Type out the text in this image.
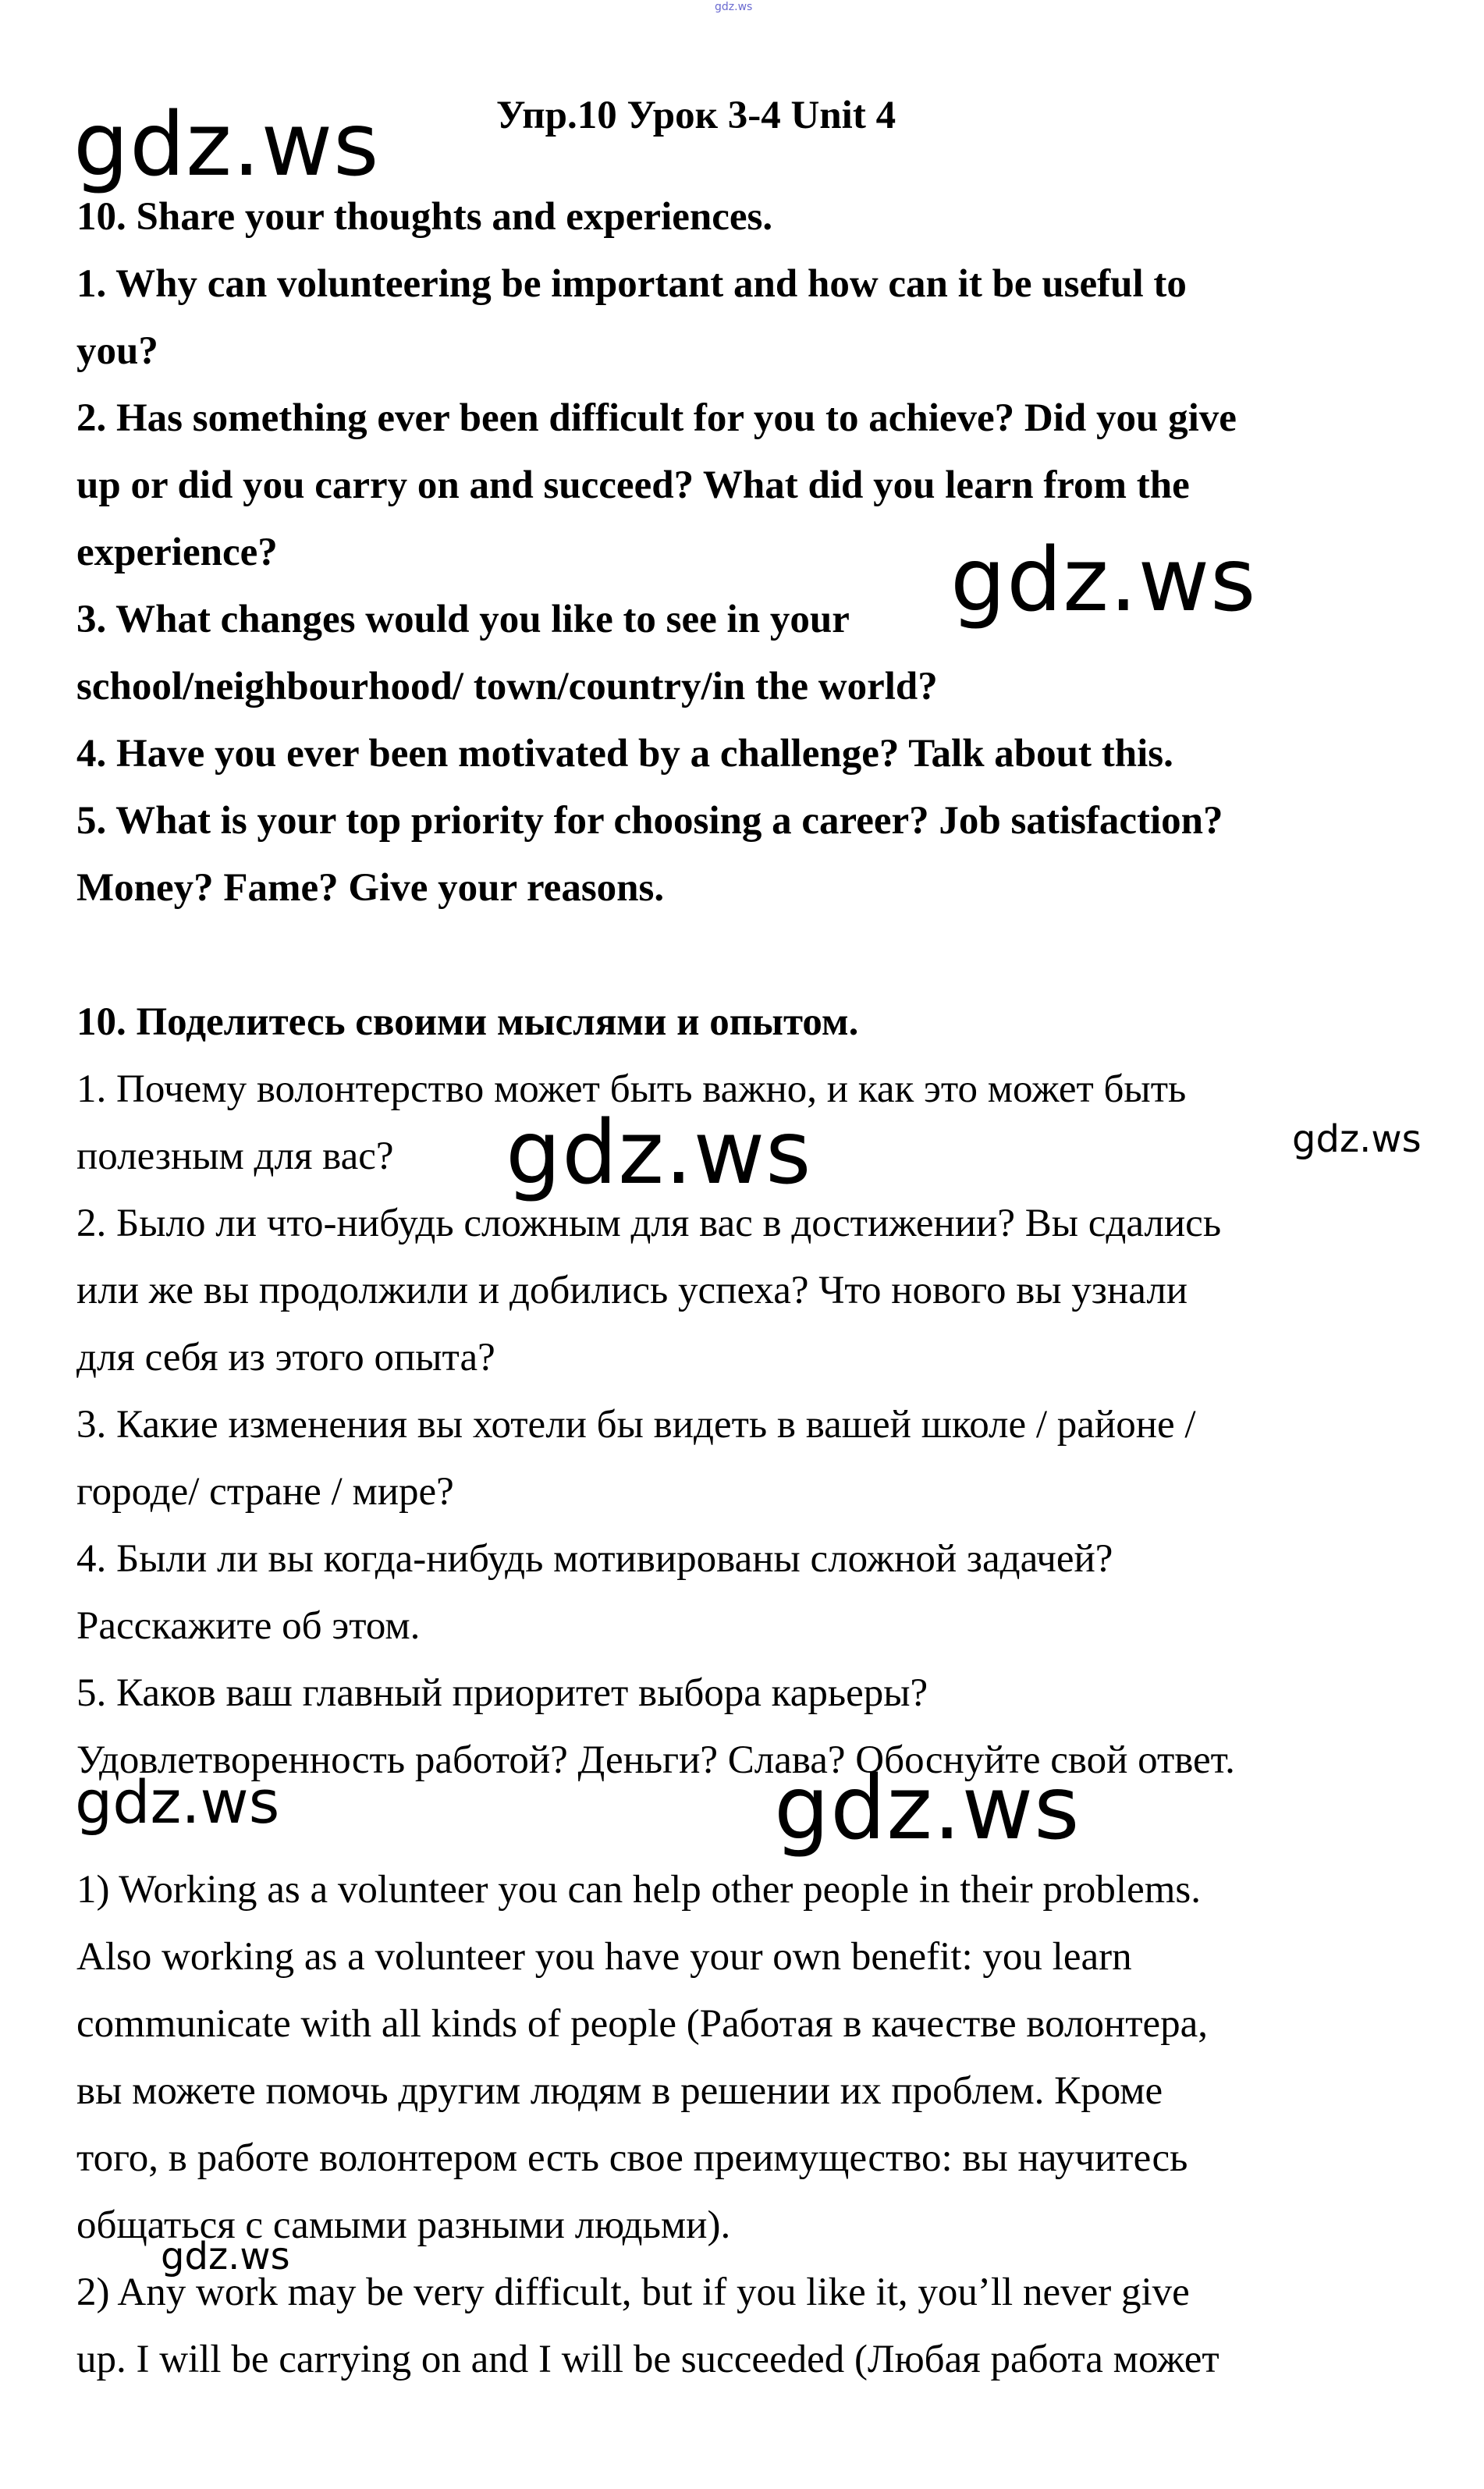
gdz.ws
gdz.ws	Упр.10 Урок 3-4 Unit 4
10. Share your thoughts and experiences.
1. Why can volunteering be important and how can it be useful to
you?
2. Has something ever been difficult for you to achieve? Did you give
up or did you carry on and succeed? What did you learn from the
experience?
3. What changes would you like to see in your
school/neighbourhood/ town/country/in the world?
4. Have you ever been motivated by a challenge? Talk about this.
5. What is your top priority for choosing a career? Job satisfaction?
Money? Fame? Give your reasons.
gdz.ws
10. Поделитесь своими мыслями и опытом.
1. Почему волонтерство может быть важно, и как это может быть
полезным для вас?
2. Было ли что-нибудь сложным для вас в достижении? Вы сдались
или же вы продолжили и добились успеха? Что нового вы узнали
для себя из этого опыта?
3. Какие изменения вы хотели бы видеть в вашей школе / районе /
городе/ стране / мире?
4. Были ли вы когда-нибудь мотивированы сложной задачей?
Расскажите об этом.
5. Каков ваш главный приоритет выбора карьеры?
Удовлетворенность работой? Деньги? Слава? Обоснуйте свой ответ.
gdz.ws
gdz.ws
gdz.ws	gdz.ws
1) Working as a volunteer you can help other people in their problems.
Also working as a volunteer you have your own benefit: you learn
communicate with all kinds of people (Работая в качестве волонтера,
вы можете помочь другим людям в решении их проблем. Кроме
того, в работе волонтером есть свое преимущество: вы научитесь
общаться с самыми разными людьми).
2) Any work may be very difficult, but if you like it, you’ll never give
up. I will be carrying on and I will be succeeded (Любая работа может
gdz.ws
